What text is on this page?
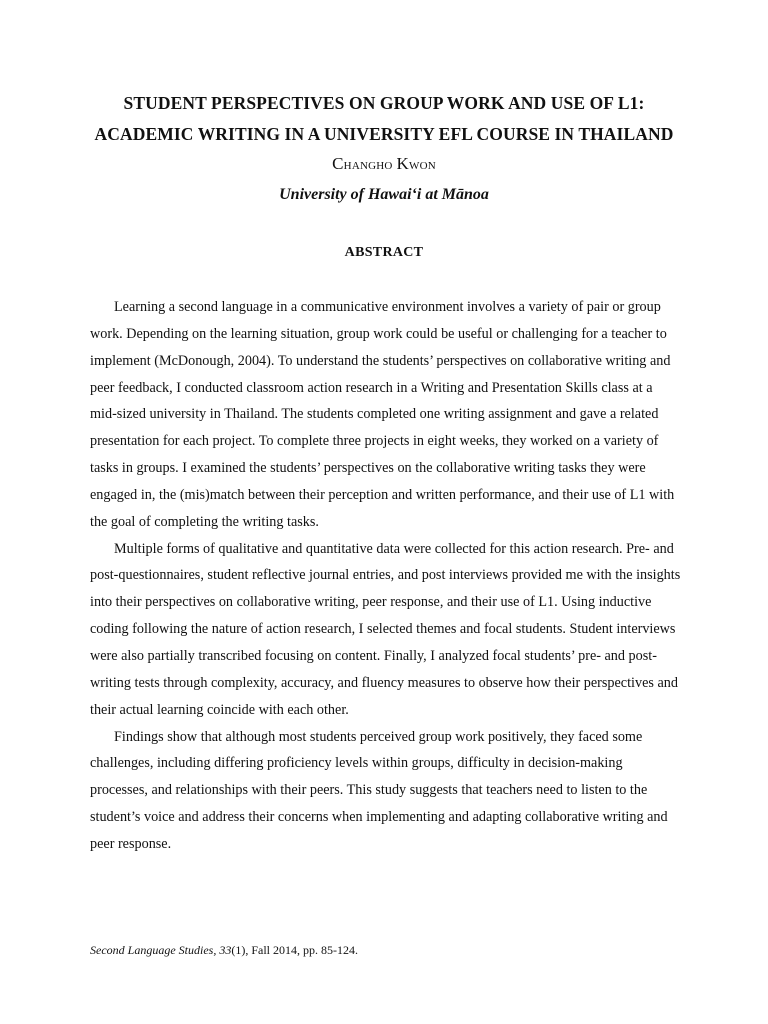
STUDENT PERSPECTIVES ON GROUP WORK AND USE OF L1:
ACADEMIC WRITING IN A UNIVERSITY EFL COURSE IN THAILAND
Changho Kwon
University of Hawai‘i at Mānoa
ABSTRACT

Learning a second language in a communicative environment involves a variety of pair or group work. Depending on the learning situation, group work could be useful or challenging for a teacher to implement (McDonough, 2004). To understand the students’ perspectives on collaborative writing and peer feedback, I conducted classroom action research in a Writing and Presentation Skills class at a mid-sized university in Thailand. The students completed one writing assignment and gave a related presentation for each project. To complete three projects in eight weeks, they worked on a variety of tasks in groups. I examined the students’ perspectives on the collaborative writing tasks they were engaged in, the (mis)match between their perception and written performance, and their use of L1 with the goal of completing the writing tasks.

Multiple forms of qualitative and quantitative data were collected for this action research. Pre- and post-questionnaires, student reflective journal entries, and post interviews provided me with the insights into their perspectives on collaborative writing, peer response, and their use of L1. Using inductive coding following the nature of action research, I selected themes and focal students. Student interviews were also partially transcribed focusing on content. Finally, I analyzed focal students’ pre- and post-writing tests through complexity, accuracy, and fluency measures to observe how their perspectives and their actual learning coincide with each other.

Findings show that although most students perceived group work positively, they faced some challenges, including differing proficiency levels within groups, difficulty in decision-making processes, and relationships with their peers. This study suggests that teachers need to listen to the student’s voice and address their concerns when implementing and adapting collaborative writing and peer response.

Second Language Studies, 33(1), Fall 2014, pp. 85-124.
